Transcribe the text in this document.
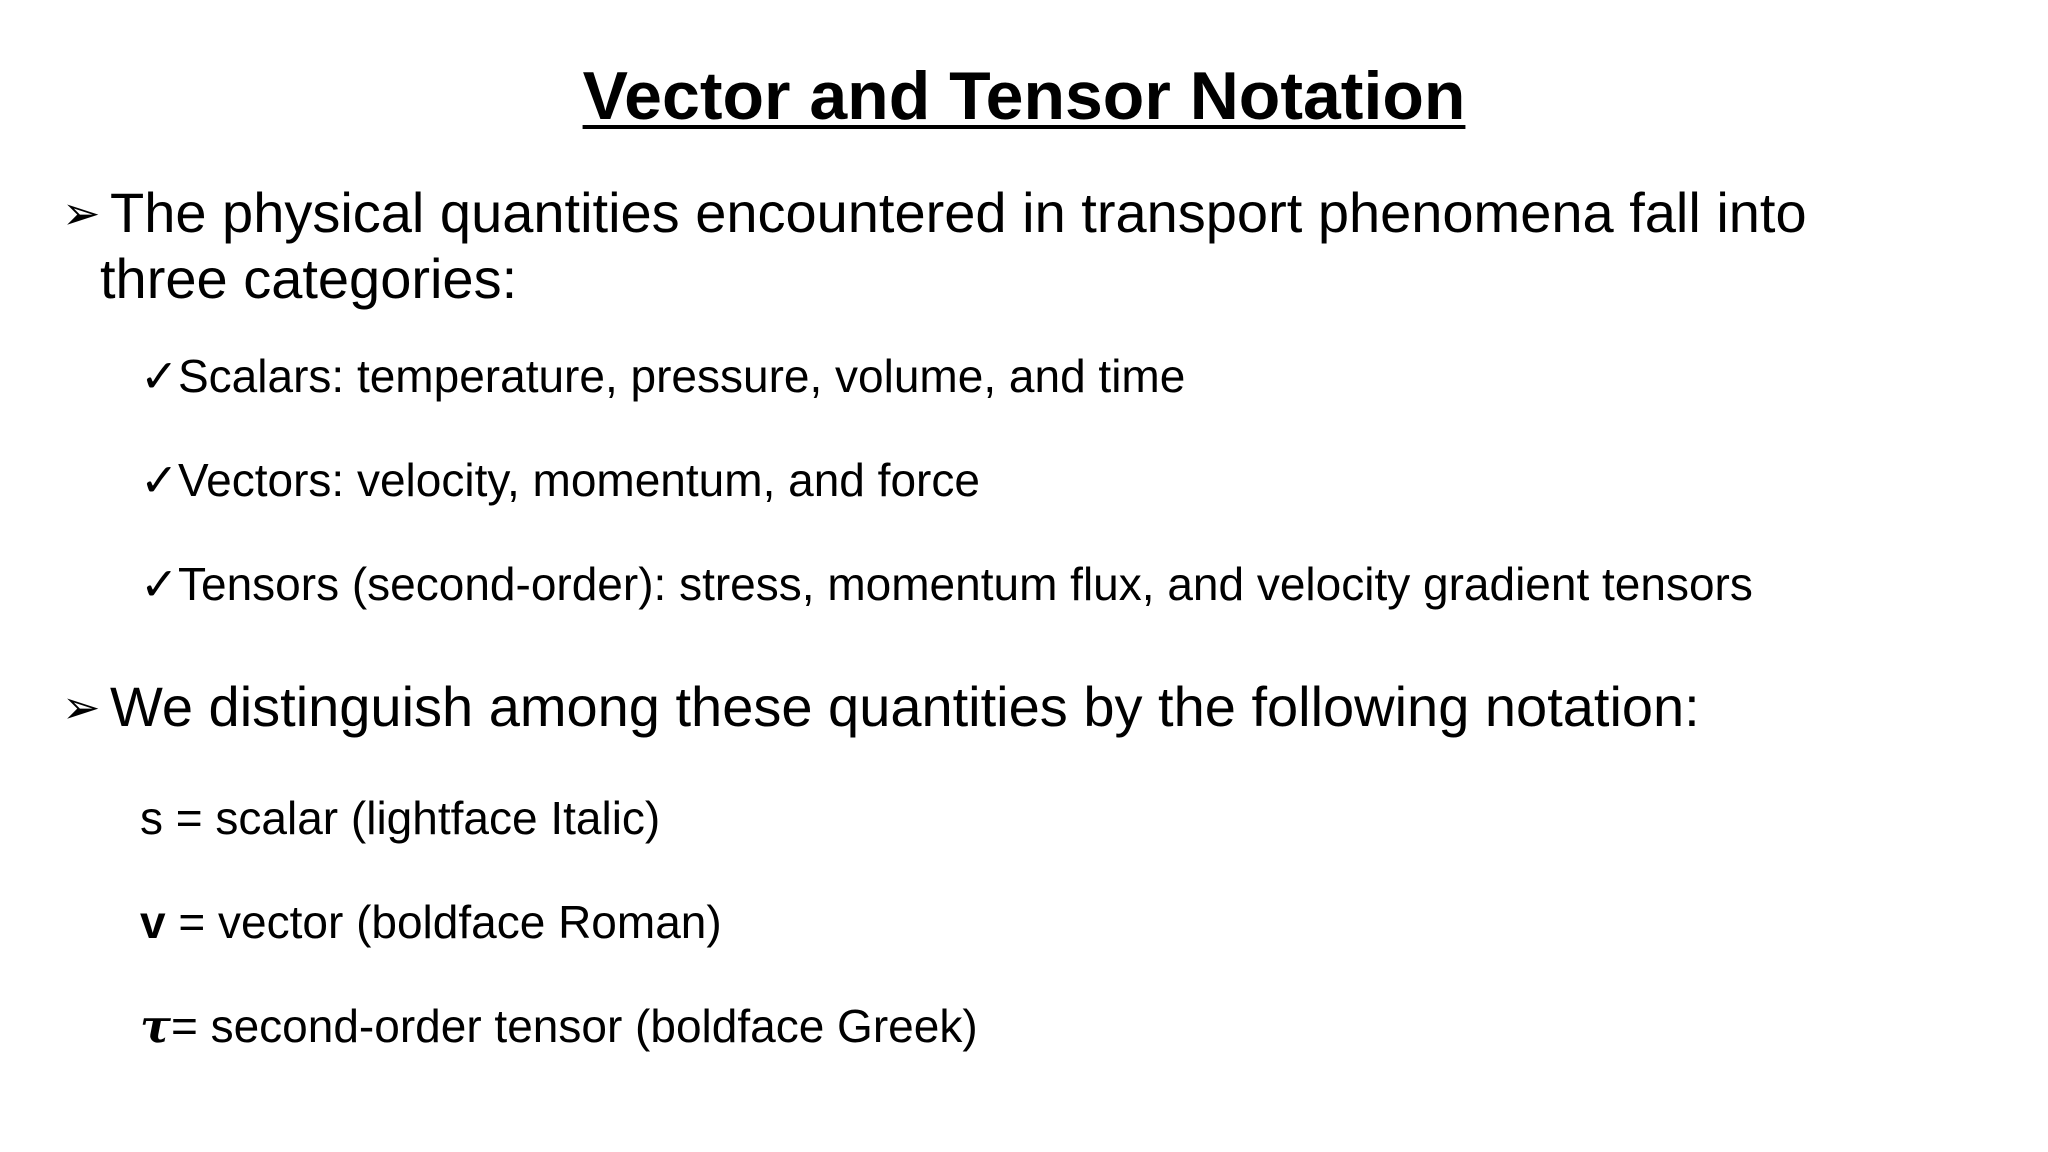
Vector and Tensor Notation
➢ The physical quantities encountered in transport phenomena fall into
three categories:
✓Scalars: temperature, pressure, volume, and time
✓Vectors: velocity, momentum, and force
✓Tensors (second-order): stress, momentum flux, and velocity gradient tensors
➢ We distinguish among these quantities by the following notation:
s = scalar (lightface Italic)
v = vector (boldface Roman)
τ= second-order tensor (boldface Greek)
